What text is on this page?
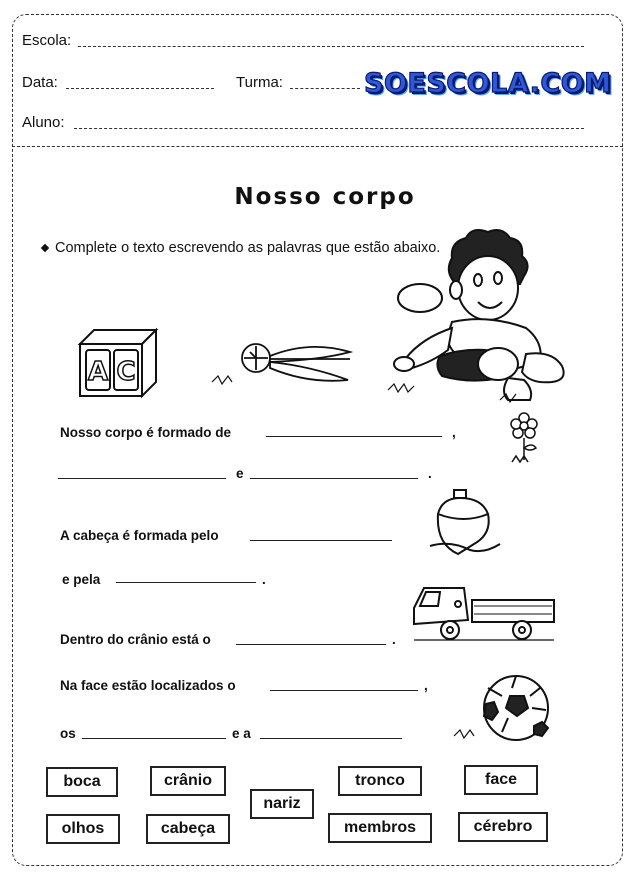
Escola:
Data:	Turma:	SOESCOLA.COM
Aluno:
Nosso corpo
Complete o texto escrevendo as palavras que estão abaixo.
A C
Nosso corpo é formado de	,
e	.
A cabeça é formada pelo
e pela	.
Dentro do crânio está o	.
Na face estão localizados o	,
os	e a
boca	crânio
nariz
tronco	face
olhos	cabeça	membros	cérebro
